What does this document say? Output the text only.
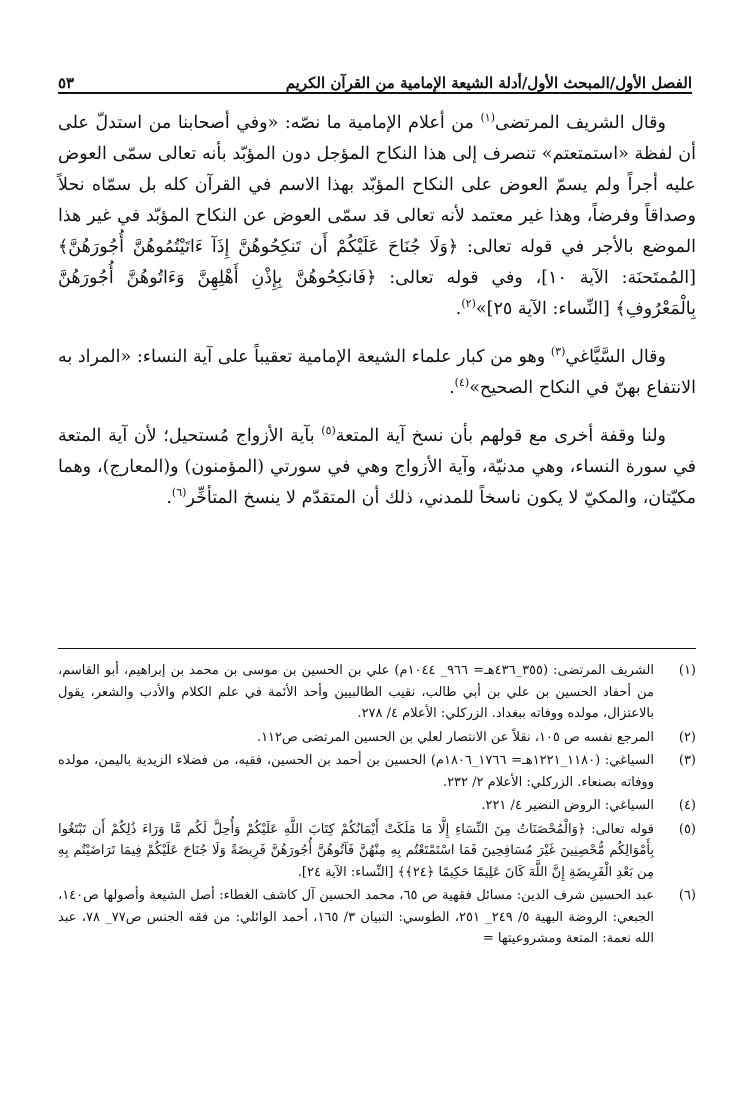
الفصل الأول/المبحث الأول/أدلة الشيعة الإمامية من القرآن الكريم
٥٣

وقال الشريف المرتضى$^{(١)}$ من أعلام الإمامية ما نصّه: «وفي أصحابنا من استدلّ على أن لفظة «استمتعتم» تنصرف إلى هذا النكاح المؤجل دون المؤبّد بأنه تعالى سمّى العوض عليه أجراً ولم يسمّ العوض على النكاح المؤبّد بهذا الاسم في القرآن كله بل سمّاه نحلاً وصداقاً وفرضاً، وهذا غير معتمد لأنه تعالى قد سمّى العوض عن النكاح المؤبّد في غير هذا الموضع بالأجر في قوله تعالى: ﴿وَلَا جُنَاحَ عَلَيْكُمْ أَن تَنكِحُوهُنَّ إِذَآ ءَاتَيْتُمُوهُنَّ أُجُورَهُنَّ﴾ [المُمتَحنَة: الآية ١٠]، وفي قوله تعالى: ﴿فَانكِحُوهُنَّ بِإِذْنِ أَهْلِهِنَّ وَءَاتُوهُنَّ أُجُورَهُنَّ بِالْمَعْرُوفِ﴾ [النِّساء: الآية ٢٥]»$^{(٢)}$.

وقال السَّيَّاغي$^{(٣)}$ وهو من كبار علماء الشيعة الإمامية تعقيباً على آية النساء: «المراد به الانتفاع بهنّ في النكاح الصحيح»$^{(٤)}$.

ولنا وقفة أخرى مع قولهم بأن نسخ آية المتعة$^{(٥)}$ بآية الأزواج مُستحيل؛ لأن آية المتعة في سورة النساء، وهي مدنيّة، وآية الأزواج وهي في سورتي (المؤمنون) و(المعارج)، وهما مكيّتان، والمكيّ لا يكون ناسخاً للمدني، ذلك أن المتقدّم لا ينسخ المتأخِّر$^{(٦)}$.

(١)
الشريف المرتضى: (٣٥٥_٤٣٦هـ= ٩٦٦_ ١٠٤٤م) علي بن الحسين بن موسى بن محمد بن إبراهيم، أبو القاسم، من أحفاد الحسين بن علي بن أبي طالب، نقيب الطالبيين وأحد الأئمة في علم الكلام والأدب والشعر، يقول بالاعتزال، مولده ووفاته ببغداد. الزركلي: الأعلام ٤/ ٢٧٨.
(٢)
المرجع نفسه ص ١٠٥، نقلاً عن الانتصار لعلي بن الحسين المرتضى ص١١٢.
(٣)
السياغي: (١١٨٠_١٢٢١هـ= ١٧٦٦_١٨٠٦م) الحسين بن أحمد بن الحسين، فقيه، من فضلاء الزيدية باليمن، مولده ووفاته بصنعاء. الزركلي: الأعلام ٢/ ٢٣٢.
(٤)
السياغي: الروض النضير ٤/ ٢٢١.
(٥)
قوله تعالى: ﴿وَالْمُحْصَنَاتُ مِنَ النِّسَاءِ إِلَّا مَا مَلَكَتْ أَيْمَانُكُمْ كِتَابَ اللَّهِ عَلَيْكُمْ وَأُحِلَّ لَكُم مَّا وَرَاءَ ذَٰلِكُمْ أَن تَبْتَغُوا بِأَمْوَالِكُم مُّحْصِنِينَ غَيْرَ مُسَافِحِينَ فَمَا اسْتَمْتَعْتُم بِهِ مِنْهُنَّ فَآتُوهُنَّ أُجُورَهُنَّ فَرِيضَةً وَلَا جُنَاحَ عَلَيْكُمْ فِيمَا تَرَاضَيْتُم بِهِ مِن بَعْدِ الْفَرِيضَةِ إِنَّ اللَّهَ كَانَ عَلِيمًا حَكِيمًا ﴿٢٤﴾﴾ [النِّساء: الآية ٢٤].
(٦)
عبد الحسين شرف الدين: مسائل فقهية ص ٦٥، محمد الحسين آل كاشف الغطاء: أصل الشيعة وأصولها ص١٤٠، الجبعي: الروضة البهية ٥/ ٢٤٩_ ٢٥١، الطوسي: التبيان ٣/ ١٦٥، أحمد الوائلي: من فقه الجنس ص٧٧_ ٧٨، عبد الله نعمة: المتعة ومشروعيتها =
